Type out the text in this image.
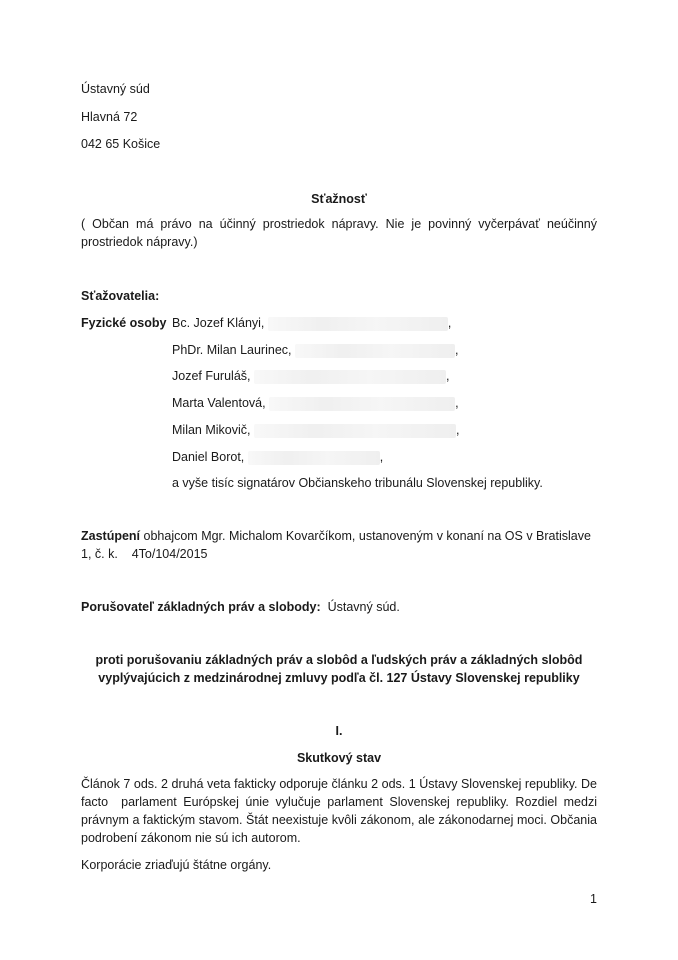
Ústavný súd
Hlavná 72
042 65 Košice
Sťažnosť
( Občan má právo na účinný prostriedok nápravy. Nie je povinný vyčerpávať neúčinný
prostriedok nápravy.)
Sťažovatelia:
Fyzické osoby Bc. Jozef Klányi,	,
PhDr. Milan Laurinec,	,
Jozef Furuláš,	,
Marta Valentová,	,
Milan Mikovič,	,
Daniel Borot,	,
a vyše tisíc signatárov Občianskeho tribunálu Slovenskej republiky.
Zastúpení obhajcom Mgr. Michalom Kovarčíkom, ustanoveným v konaní na OS v Bratislave
1, č. k.    4To/104/2015
Porušovateľ základných práv a slobody:  Ústavný súd.
proti porušovaniu základných práv a slobôd a ľudských práv a základných slobôd
vyplývajúcich z medzinárodnej zmluvy podľa čl. 127 Ústavy Slovenskej republiky
I.
Skutkový stav
Článok 7 ods. 2 druhá veta fakticky odporuje článku 2 ods. 1 Ústavy Slovenskej republiky. De
facto  parlament Európskej únie vylučuje parlament Slovenskej republiky. Rozdiel medzi
právnym a faktickým stavom. Štát neexistuje kvôli zákonom, ale zákonodarnej moci. Občania
podrobení zákonom nie sú ich autorom.
Korporácie zriaďujú štátne orgány.
1
